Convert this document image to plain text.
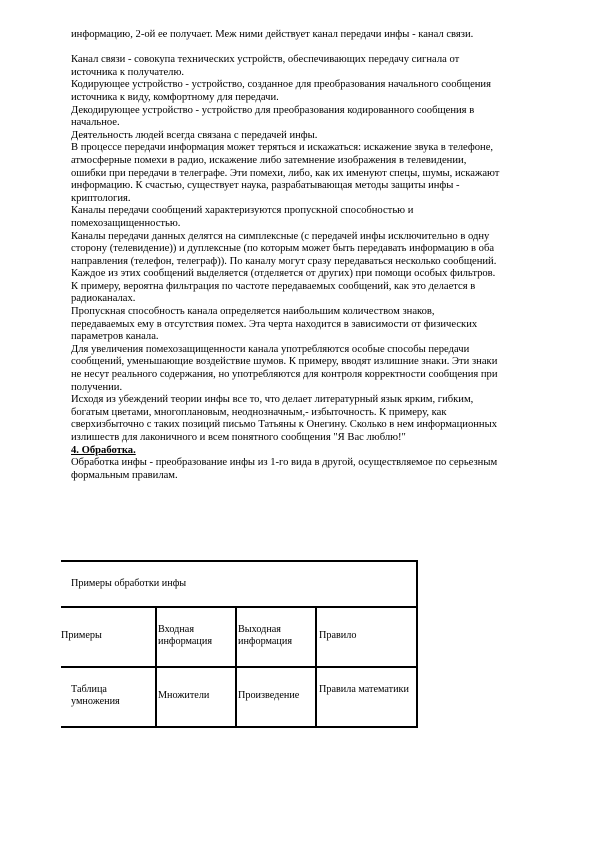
информацию, 2-ой ее получает. Меж ними действует канал передачи инфы - канал связи.

Канал связи - совокупа технических устройств, обеспечивающих передачу сигнала от

источника к получателю.

Кодирующее устройство - устройство, созданное для преобразования начального сообщения

источника к виду, комфортному для передачи.

Декодирующее устройство - устройство для преобразования кодированного сообщения в

начальное.

Деятельность людей всегда связана с передачей инфы.

В процессе передачи информация может теряться и искажаться: искажение звука в телефоне,

атмосферные помехи в радио, искажение либо затемнение изображения в телевидении,

ошибки при передачи в телеграфе. Эти помехи, либо, как их именуют спецы, шумы, искажают

информацию. К счастью, существует наука, разрабатывающая методы защиты инфы -

криптология.

Каналы передачи сообщений характеризуются пропускной способностью и

помехозащищенностью.

Каналы передачи данных делятся на симплексные (с передачей инфы исключительно в одну

сторону (телевидение)) и дуплексные (по которым может быть передавать информацию в оба

направления (телефон, телеграф)). По каналу могут сразу передаваться несколько сообщений.

Каждое из этих сообщений выделяется (отделяется от других) при помощи особых фильтров.

К примеру, вероятна фильтрация по частоте передаваемых сообщений, как это делается в

радиоканалах.

Пропускная способность канала определяется наибольшим количеством знаков,

передаваемых ему в отсутствия помех. Эта черта находится в зависимости от физических

параметров канала.

Для увеличения помехозащищенности канала употребляются особые способы передачи

сообщений, уменьшающие воздействие шумов. К примеру, вводят излишние знаки. Эти знаки

не несут реального содержания, но употребляются для контроля корректности сообщения при

получении.

Исходя из убеждений теории инфы все то, что делает литературный язык ярким, гибким,

богатым цветами, многоплановым, неоднозначным,- избыточность. К примеру, как

сверхизбыточно с таких позиций письмо Татьяны к Онегину. Сколько в нем информационных

излишеств для лаконичного и всем понятного сообщения "Я Вас люблю!"

4. Обработка.

Обработка инфы - преобразование инфы из 1-го вида в другой, осуществляемое по серьезным

формальным правилам.

Примеры обработки инфы
Примеры
Входная информация
Выходная информация
Правило
Таблица умножения
Множители	Произведение
Правила математики
